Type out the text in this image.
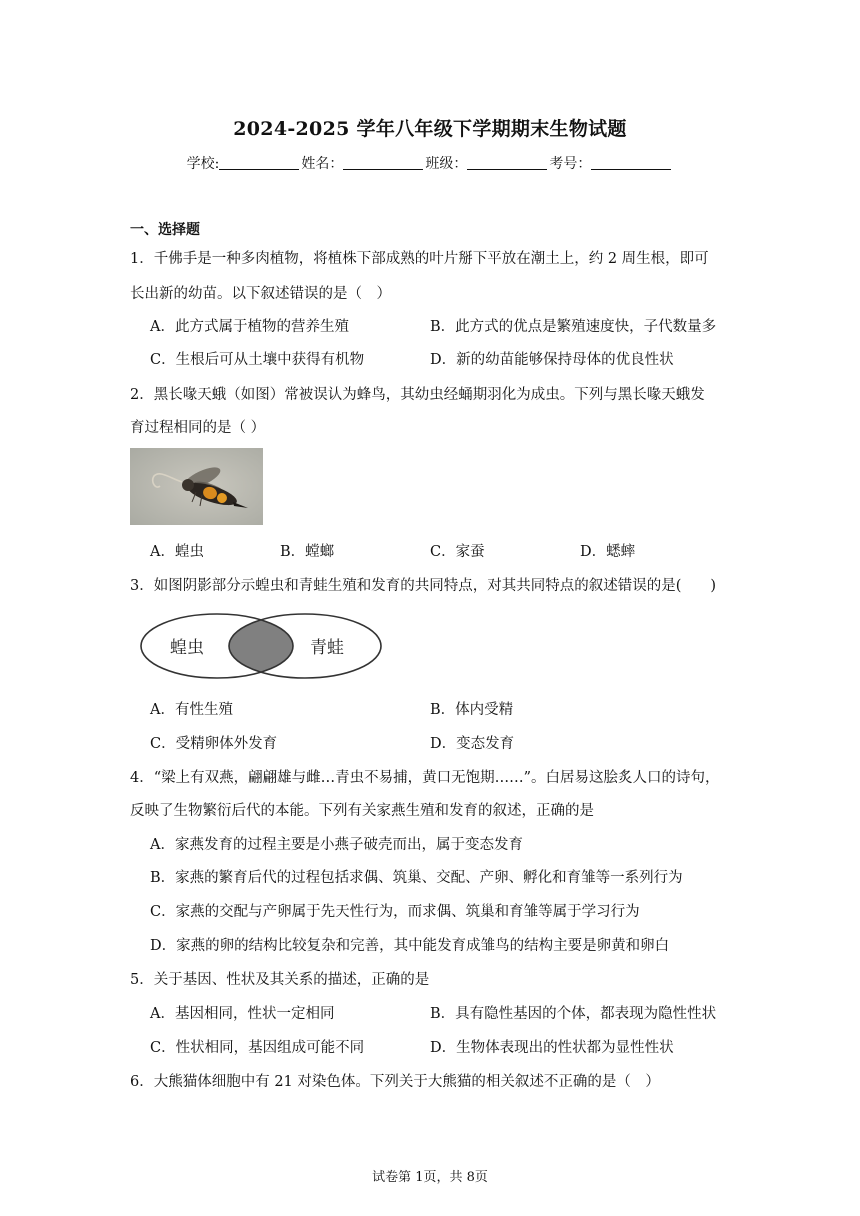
2024-2025 学年八年级下学期期末生物试题
学校:	姓名：	班级：	考号：
一、选择题
1．千佛手是一种多肉植物，将植株下部成熟的叶片掰下平放在潮土上，约 2 周生根，即可
长出新的幼苗。以下叙述错误的是（　）
A．此方式属于植物的营养生殖	B．此方式的优点是繁殖速度快，子代数量多
C．生根后可从土壤中获得有机物	D．新的幼苗能够保持母体的优良性状
2．黑长喙天蛾（如图）常被误认为蜂鸟，其幼虫经蛹期羽化为成虫。下列与黑长喙天蛾发
育过程相同的是（ ）
A．蝗虫	B．螳螂	C．家蚕	D．蟋蟀
3．如图阴影部分示蝗虫和青蛙生殖和发育的共同特点，对其共同特点的叙述错误的是(　　)
蝗虫	青蛙
A．有性生殖	B．体内受精
C．受精卵体外发育	D．变态发育
4．“梁上有双燕，翩翩雄与雌…青虫不易捕，黄口无饱期……”。白居易这脍炙人口的诗句，
反映了生物繁衍后代的本能。下列有关家燕生殖和发育的叙述，正确的是
A．家燕发育的过程主要是小燕子破壳而出，属于变态发育
B．家燕的繁育后代的过程包括求偶、筑巢、交配、产卵、孵化和育雏等一系列行为
C．家燕的交配与产卵属于先天性行为，而求偶、筑巢和育雏等属于学习行为
D．家燕的卵的结构比较复杂和完善，其中能发育成雏鸟的结构主要是卵黄和卵白
5．关于基因、性状及其关系的描述，正确的是
A．基因相同，性状一定相同	B．具有隐性基因的个体，都表现为隐性性状
C．性状相同，基因组成可能不同	D．生物体表现出的性状都为显性性状
6．大熊猫体细胞中有 21 对染色体。下列关于大熊猫的相关叙述不正确的是（　）
试卷第 1页，共 8页
